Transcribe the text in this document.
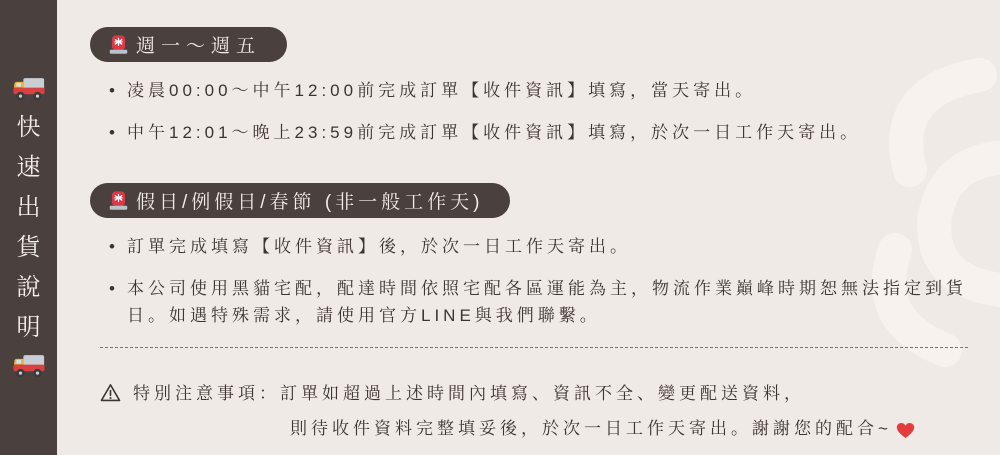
快
速
出
貨
說
明
週一～週五
• 凌晨00:00～中午12:00前完成訂單【收件資訊】填寫，當天寄出。
• 中午12:01～晚上23:59前完成訂單【收件資訊】填寫，於次一日工作天寄出。
假日/例假日/春節 (非一般工作天)
• 訂單完成填寫【收件資訊】後，於次一日工作天寄出。
• 本公司使用黑貓宅配，配達時間依照宅配各區運能為主，物流作業巔峰時期恕無法指定到貨日。如遇特殊需求，請使用官方LINE與我們聯繫。
特別注意事項：訂單如超過上述時間內填寫、資訊不全、變更配送資料，
則待收件資料完整填妥後，於次一日工作天寄出。謝謝您的配合~
